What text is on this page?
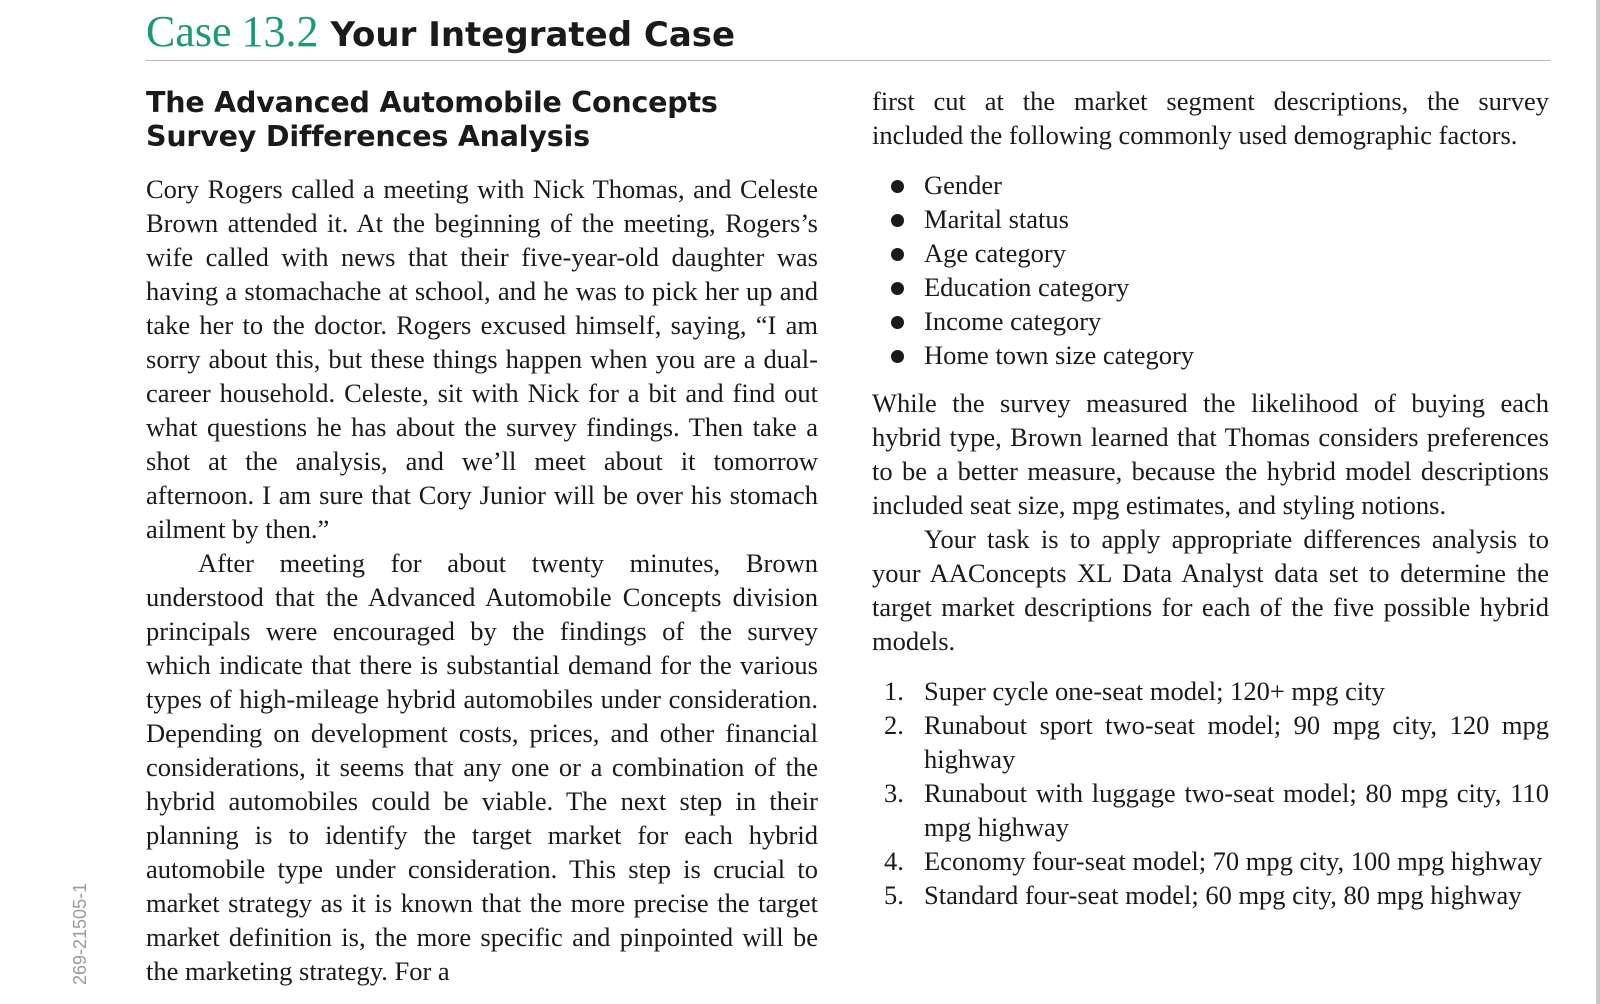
Case 13.2 Your Integrated Case
The Advanced Automobile Concepts Survey Differences Analysis

Cory Rogers called a meeting with Nick Thomas, and Celeste Brown attended it. At the beginning of the meeting, Rogers’s wife called with news that their five-year-old daughter was having a stomachache at school, and he was to pick her up and take her to the doctor. Rogers excused himself, saying, “I am sorry about this, but these things happen when you are a dual-career household. Celeste, sit with Nick for a bit and find out what questions he has about the survey findings. Then take a shot at the analysis, and we’ll meet about it tomorrow afternoon. I am sure that Cory Junior will be over his stomach ailment by then.”

After meeting for about twenty minutes, Brown understood that the Advanced Automobile Concepts division principals were encouraged by the findings of the survey which indicate that there is substantial demand for the various types of high-mileage hybrid automobiles under consideration. Depending on development costs, prices, and other financial considerations, it seems that any one or a combination of the hybrid automobiles could be viable. The next step in their planning is to identify the target market for each hybrid automobile type under consideration. This step is crucial to market strategy as it is known that the more precise the target market definition is, the more specific and pinpointed will be the marketing strategy. For a

first cut at the market segment descriptions, the survey included the following commonly used demographic factors.

Gender
Marital status
Age category
Education category
Income category
Home town size category

While the survey measured the likelihood of buying each hybrid type, Brown learned that Thomas considers preferences to be a better measure, because the hybrid model descriptions included seat size, mpg estimates, and styling notions.

Your task is to apply appropriate differences analysis to your AAConcepts XL Data Analyst data set to determine the target market descriptions for each of the five possible hybrid models.

1. Super cycle one-seat model; 120+ mpg city
2. Runabout sport two-seat model; 90 mpg city, 120 mpg highway
3. Runabout with luggage two-seat model; 80 mpg city, 110 mpg highway
4. Economy four-seat model; 70 mpg city, 100 mpg highway
5. Standard four-seat model; 60 mpg city, 80 mpg highway
269-21505-1
